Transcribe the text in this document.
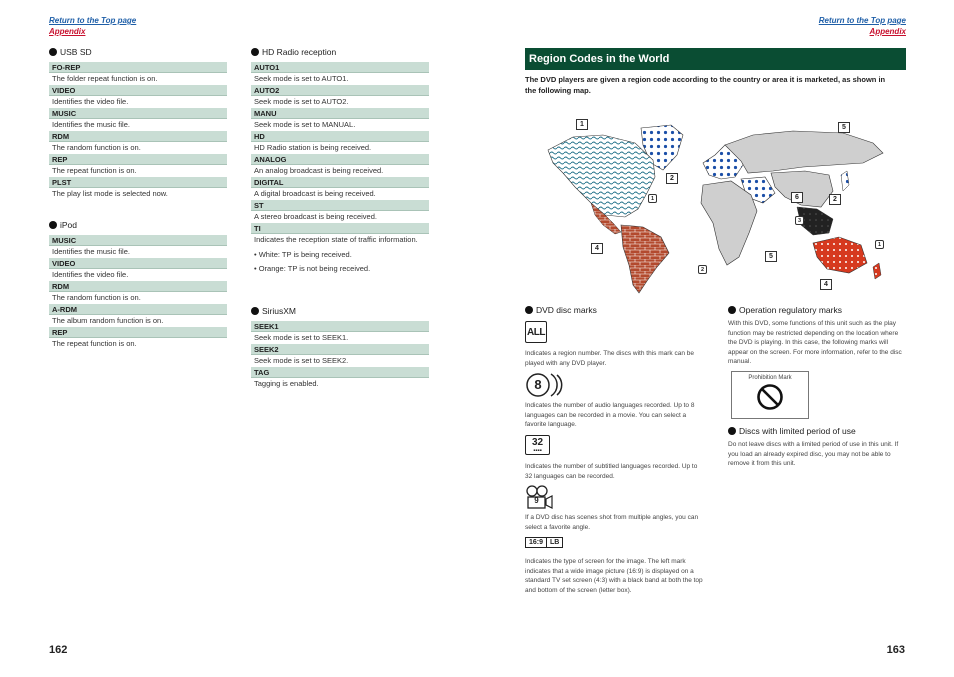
Return to the Top page
Appendix
Return to the Top page
Appendix
USB SD
FO-REP
The folder repeat function is on.
VIDEO
Identifies the video file.
MUSIC
Identifies the music file.
RDM
The random function is on.
REP
The repeat function is on.
PLST
The play list mode is selected now.
iPod
MUSIC
Identifies the music file.
VIDEO
Identifies the video file.
RDM
The random function is on.
A-RDM
The album random function is on.
REP
The repeat function is on.
HD Radio reception
AUTO1
Seek mode is set to AUTO1.
AUTO2
Seek mode is set to AUTO2.
MANU
Seek mode is set to MANUAL.
HD
HD Radio station is being received.
ANALOG
An analog broadcast is being received.
DIGITAL
A digital broadcast is being received.
ST
A stereo broadcast is being received.
TI
Indicates the reception state of traffic information.
• White: TP is being received.
• Orange: TP is not being received.
SiriusXM
SEEK1
Seek mode is set to SEEK1.
SEEK2
Seek mode is set to SEEK2.
TAG
Tagging is enabled.
Region Codes in the World
The DVD players are given a region code according to the country or area it is marketed, as shown in the following map.
1
2
1
2
4
5
6
3
2
5
1
4
DVD disc marks
ALL
Indicates a region number. The discs with this mark can be played with any DVD player.
8
Indicates the number of audio languages recorded. Up to 8 languages can be recorded in a movie. You can select a favorite language.
32
▪▪▪▪
Indicates the number of subtitled languages recorded. Up to 32 languages can be recorded.
9
If a DVD disc has scenes shot from multiple angles, you can select a favorite angle.
16:9	LB
Indicates the type of screen for the image. The left mark indicates that a wide image picture (16:9) is displayed on a standard TV set screen (4:3) with a black band at both the top and bottom of the screen (letter box).
Operation regulatory marks
With this DVD, some functions of this unit such as the play function may be restricted depending on the location where the DVD is playing. In this case, the following marks will appear on the screen. For more information, refer to the disc manual.
Prohibition Mark
Discs with limited period of use
Do not leave discs with a limited period of use in this unit. If you load an already expired disc, you may not be able to remove it from this unit.
162	163
